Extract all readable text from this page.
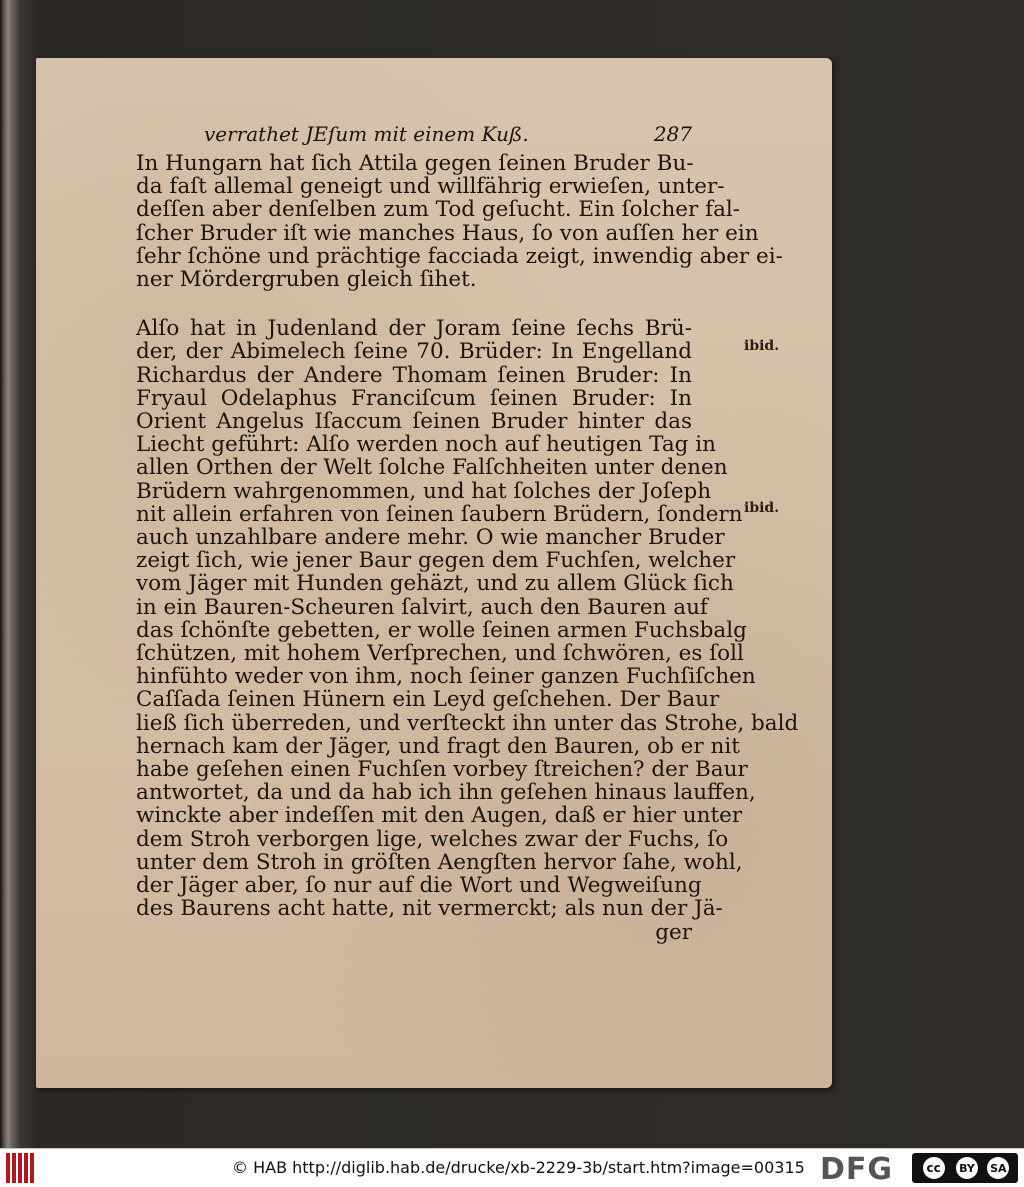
verrathet JEſum mit einem Kuß.	287

In Hungarn hat ſich Attila gegen ſeinen Bruder Bu-
da faſt allemal geneigt und willfährig erwieſen, unter-
deſſen aber denſelben zum Tod geſucht. Ein ſolcher fal-
ſcher Bruder iſt wie manches Haus, ſo von auſſen her ein
ſehr ſchöne und prächtige facciada zeigt, inwendig aber ei-
ner Mördergruben gleich ſihet.

Alſo hat in Judenland der Joram ſeine ſechs Brü-
der, der Abimelech ſeine 70. Brüder: In Engelland
Richardus der Andere Thomam ſeinen Bruder: In
Fryaul Odelaphus Franciſcum ſeinen Bruder: In
Orient Angelus Iſaccum ſeinen Bruder hinter das
Liecht geführt: Alſo werden noch auf heutigen Tag in
allen Orthen der Welt ſolche Falſchheiten unter denen
Brüdern wahrgenommen, und hat ſolches der Joſeph
nit allein erfahren von ſeinen ſaubern Brüdern, ſondern
auch unzahlbare andere mehr. O wie mancher Bruder
zeigt ſich, wie jener Baur gegen dem Fuchſen, welcher
vom Jäger mit Hunden gehäzt, und zu allem Glück ſich
in ein Bauren-Scheuren ſalvirt, auch den Bauren auf
das ſchönſte gebetten, er wolle ſeinen armen Fuchsbalg
ſchützen, mit hohem Verſprechen, und ſchwören, es ſoll
hinfühto weder von ihm, noch ſeiner ganzen Fuchſiſchen
Caſſada ſeinen Hünern ein Leyd geſchehen. Der Baur
ließ ſich überreden, und verſteckt ihn unter das Strohe, bald
hernach kam der Jäger, und fragt den Bauren, ob er nit
habe geſehen einen Fuchſen vorbey ſtreichen? der Baur
antwortet, da und da hab ich ihn geſehen hinaus lauffen,
winckte aber indeſſen mit den Augen, daß er hier unter
dem Stroh verborgen lige, welches zwar der Fuchs, ſo
unter dem Stroh in gröſten Aengſten hervor ſahe, wohl,
der Jäger aber, ſo nur auf die Wort und Wegweiſung
des Baurens acht hatte, nit vermerckt; als nun der Jä-
ger

ibid.
ibid.
© HAB http://diglib.hab.de/drucke/xb-2229-3b/start.htm?image=00315 DFG	cc	BY SA
